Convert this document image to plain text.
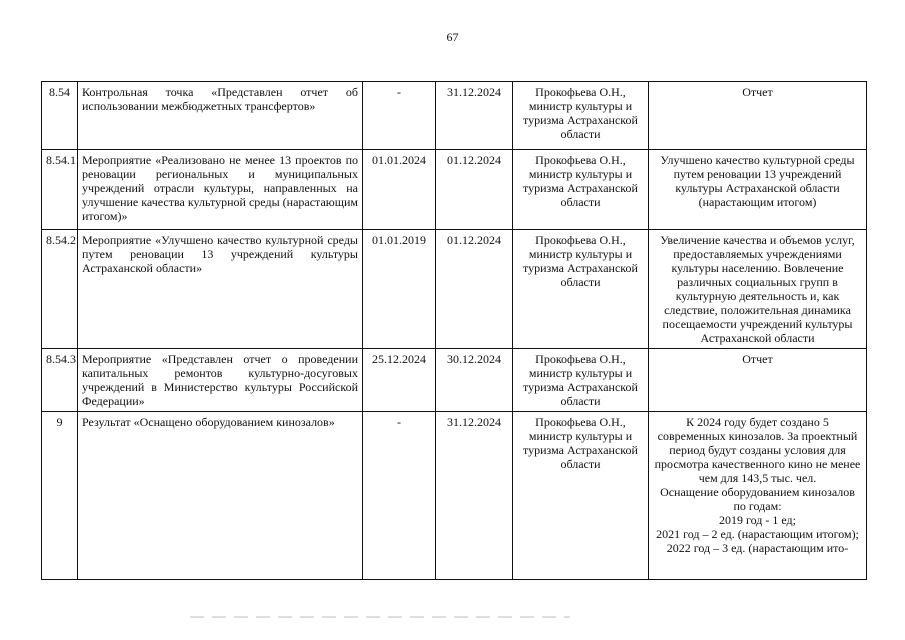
67
8.54	Контрольная точка «Представлен отчет об использовании межбюджетных трансфертов»	-	31.12.2024	Прокофьева О.Н., министр культуры и туризма Астраханской области	Отчет

8.54.1	Мероприятие «Реализовано не менее 13 проектов по реновации региональных и муниципальных учреждений отрасли культуры, направленных на улучшение качества культурной среды (нарастающим итогом)»	01.01.2024	01.12.2024	Прокофьева О.Н., министр культуры и туризма Астраханской области	Улучшено качество культурной среды путем реновации 13 учреждений культуры Астраханской области (нарастающим итогом)

8.54.2	Мероприятие «Улучшено качество культурной среды путем реновации 13 учреждений культуры Астраханской области»	01.01.2019	01.12.2024	Прокофьева О.Н., министр культуры и туризма Астраханской области	Увеличение качества и объемов услуг, предоставляемых учреждениями культуры населению. Вовлечение различных социальных групп в культурную деятельность и, как следствие, положительная динамика посещаемости учреждений культуры Астраханской области

8.54.3	Мероприятие «Представлен отчет о проведении капитальных ремонтов культурно-досуговых учреждений в Министерство культуры Российской Федерации»	25.12.2024	30.12.2024	Прокофьева О.Н., министр культуры и туризма Астраханской области	Отчет

9	Результат «Оснащено оборудованием кинозалов»	-	31.12.2024	Прокофьева О.Н., министр культуры и туризма Астраханской области	К 2024 году будет создано 5 современных кинозалов. За проектный период будут созданы условия для просмотра качественного кино не менее чем для 143,5 тыс. чел.
Оснащение оборудованием кинозалов по годам:
2019 год - 1 ед;
2021 год – 2 ед. (нарастающим итогом);
2022 год – 3 ед. (нарастающим ито-
